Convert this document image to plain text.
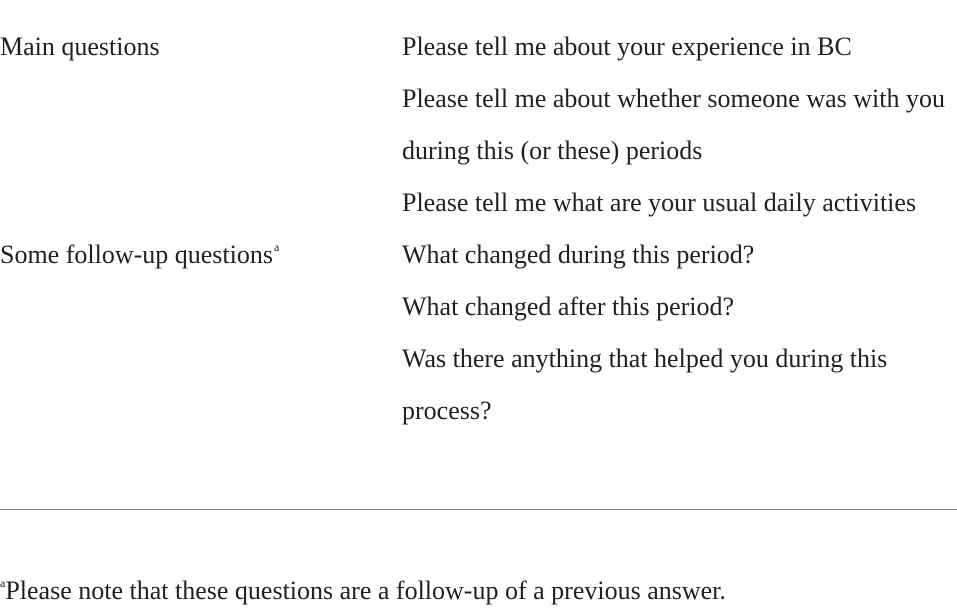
Main questions	Please tell me about your experience in BC
Please tell me about whether someone was with you during this (or these) periods
Please tell me what are your usual daily activities
Some follow-up questions$^a$	What changed during this period?
What changed after this period?
Was there anything that helped you during this process?
$^a$Please note that these questions are a follow-up of a previous answer.
